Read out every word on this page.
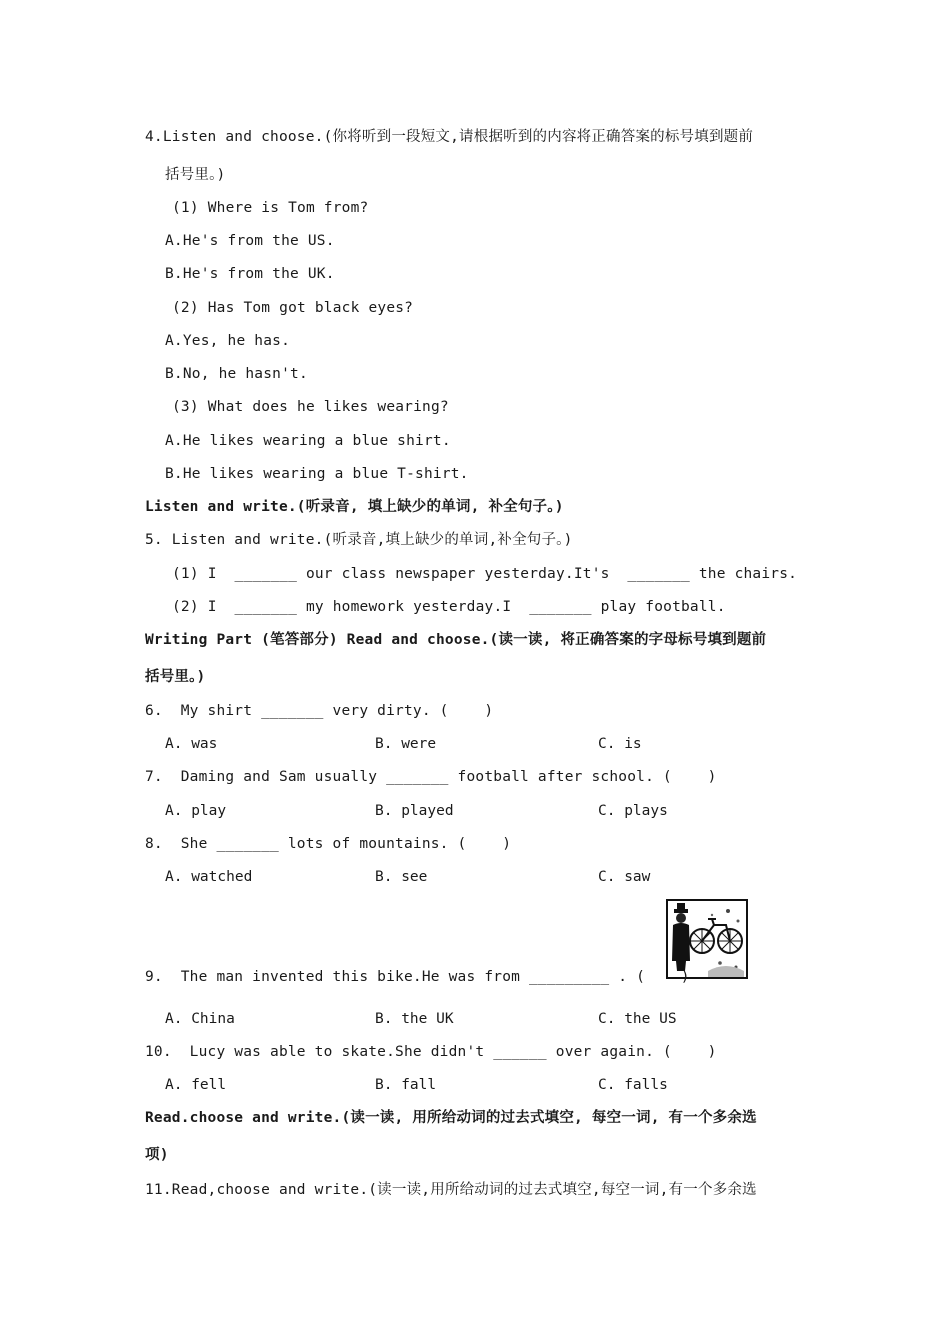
4.Listen and choose.(你将听到一段短文,请根据听到的内容将正确答案的标号填到题前
括号里。)
(1) Where is Tom from?
A.He's from the US.
B.He's from the UK.
(2) Has Tom got black eyes?
A.Yes, he has.
B.No, he hasn't.
(3) What does he likes wearing?
A.He likes wearing a blue shirt.
B.He likes wearing a blue T-shirt.
Listen and write.(听录音, 填上缺少的单词, 补全句子。)
5. Listen and write.(听录音,填上缺少的单词,补全句子。)
(1) I  _______ our class newspaper yesterday.It's  _______ the chairs.
(2) I  _______ my homework yesterday.I  _______ play football.
Writing Part (笔答部分) Read and choose.(读一读, 将正确答案的字母标号填到题前
括号里。)
6.  My shirt _______ very dirty. (    )
A. was	B. were	C. is
7.  Daming and Sam usually _______ football after school. (    )
A. play	B. played	C. plays
8.  She _______ lots of mountains. (    )
A. watched	B. see	C. saw
9.  The man invented this bike.He was from _________ . (    )
A. China	B. the UK	C. the US
10.  Lucy was able to skate.She didn't ______ over again. (    )
A. fell	B. fall	C. falls
Read.choose and write.(读一读, 用所给动词的过去式填空, 每空一词, 有一个多余选
项)
11.Read,choose and write.(读一读,用所给动词的过去式填空,每空一词,有一个多余选
